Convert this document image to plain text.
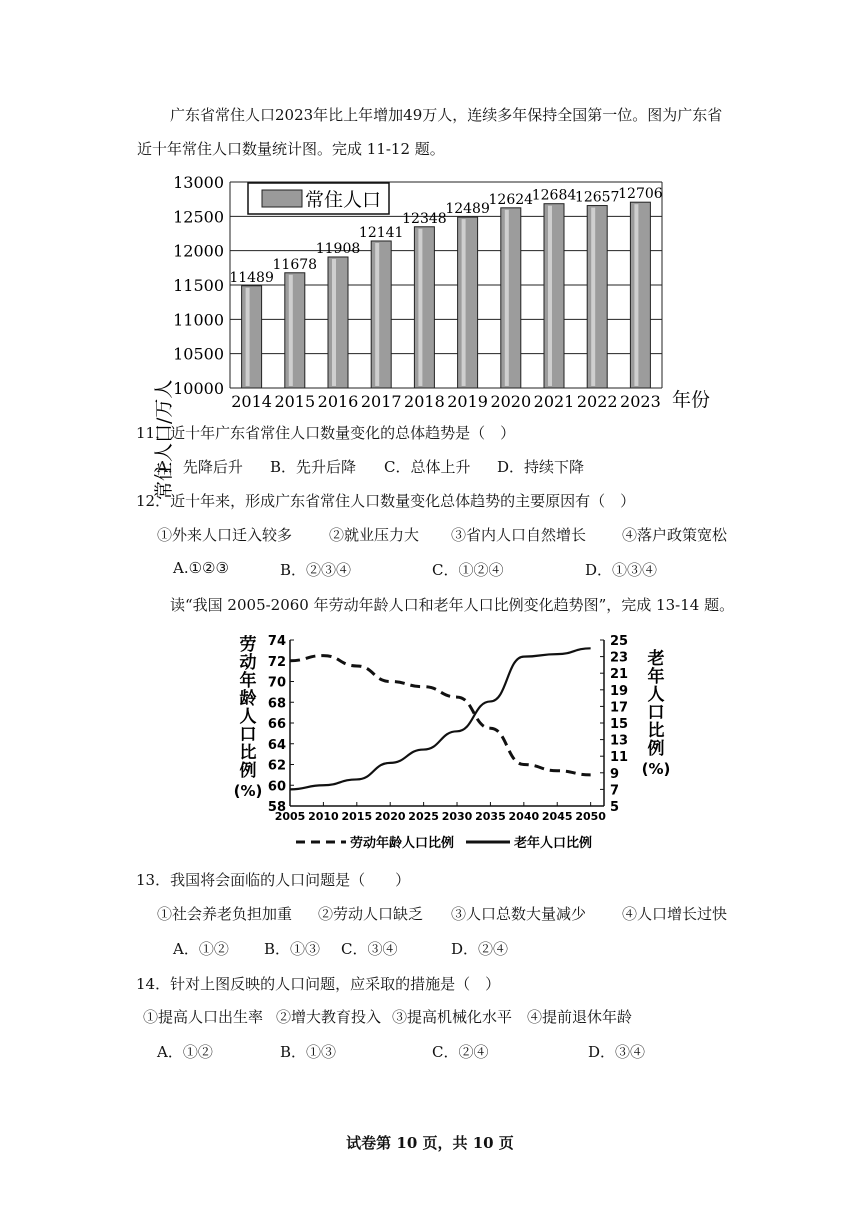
广东省常住人口2023年比上年增加49万人，连续多年保持全国第一位。图为广东省
近十年常住人口数量统计图。完成 11-12 题。
11489
11678
11908
12141
12348
12489
12624
12684
12657
12706
13000
12500
12000
11500
11000
10500
10000
2014 2015 2016 2017 2018 2019 2020 2021 2022 2023
常住人口/万人	年份
常住人口
11．近十年广东省常住人口数量变化的总体趋势是（　）
A．先降后升 B．先升后降 C．总体上升 D．持续下降
12．近十年来，形成广东省常住人口数量变化总体趋势的主要原因有（　）
①外来人口迁入较多 ②就业压力大 ③省内人口自然增长 ④落户政策宽松
A.①②③	B．②③④	C．①②④	D．①③④
读“我国 2005-2060 年劳动年龄人口和老年人口比例变化趋势图”，完成 13-14 题。
劳
动
年
龄
人
口
比
例
(%)
老
年
人
口
比
例
(%)
74
72
70
68
66
64
62
60
58
25
23
21
19
17
15
13
11
9
7
5
2005 2010 2015 2020 2025 2030 2035 2040 2045 2050
劳动年龄人口比例	老年人口比例
13．我国将会面临的人口问题是（　　）
①社会养老负担加重 ②劳动人口缺乏 ③人口总数大量减少 ④人口增长过快
A．①② B．①③ C．③④	D．②④
14．针对上图反映的人口问题，应采取的措施是（　）
①提高人口出生率 ②增大教育投入 ③提高机械化水平 ④提前退休年龄
A．①②	B．①③	C．②④	D．③④
试卷第 10 页，共 10 页
